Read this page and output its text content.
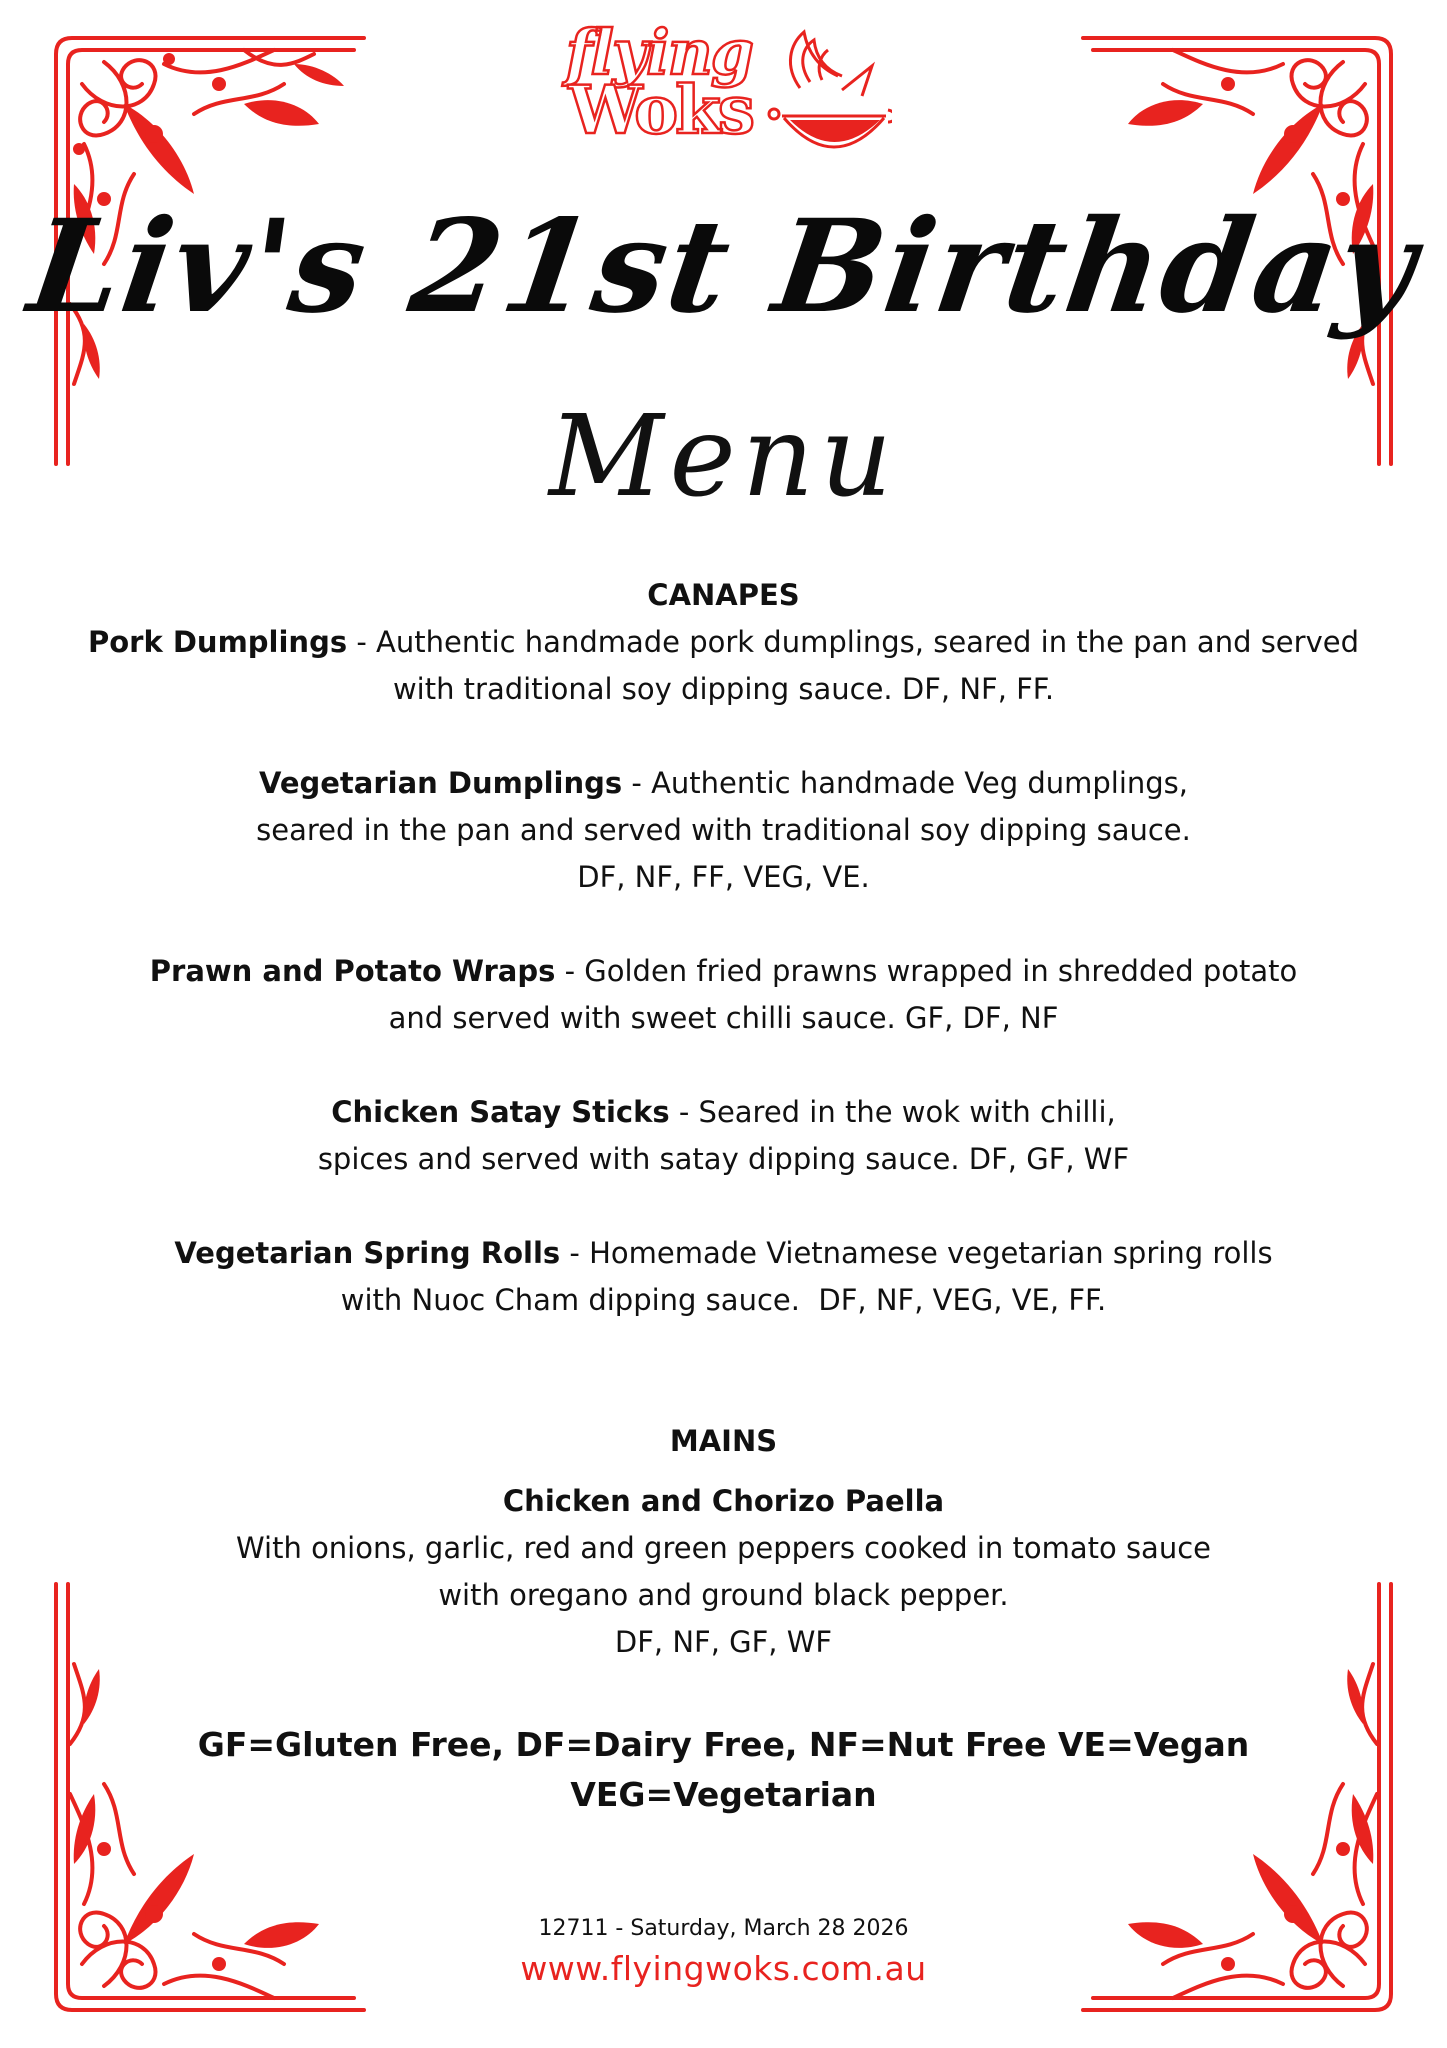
flying
Woks
Liv's 21st Birthday
Menu
CANAPES
Pork Dumplings - Authentic handmade pork dumplings, seared in the pan and served
with traditional soy dipping sauce. DF, NF, FF.
Vegetarian Dumplings - Authentic handmade Veg dumplings,
seared in the pan and served with traditional soy dipping sauce.
DF, NF, FF, VEG, VE.
Prawn and Potato Wraps - Golden fried prawns wrapped in shredded potato
and served with sweet chilli sauce. GF, DF, NF
Chicken Satay Sticks - Seared in the wok with chilli,
spices and served with satay dipping sauce. DF, GF, WF
Vegetarian Spring Rolls - Homemade Vietnamese vegetarian spring rolls
with Nuoc Cham dipping sauce.  DF, NF, VEG, VE, FF.
MAINS
Chicken and Chorizo Paella
With onions, garlic, red and green peppers cooked in tomato sauce
with oregano and ground black pepper.
DF, NF, GF, WF
GF=Gluten Free, DF=Dairy Free, NF=Nut Free VE=Vegan VEG=Vegetarian
12711 - Saturday, March 28 2026
www.flyingwoks.com.au
